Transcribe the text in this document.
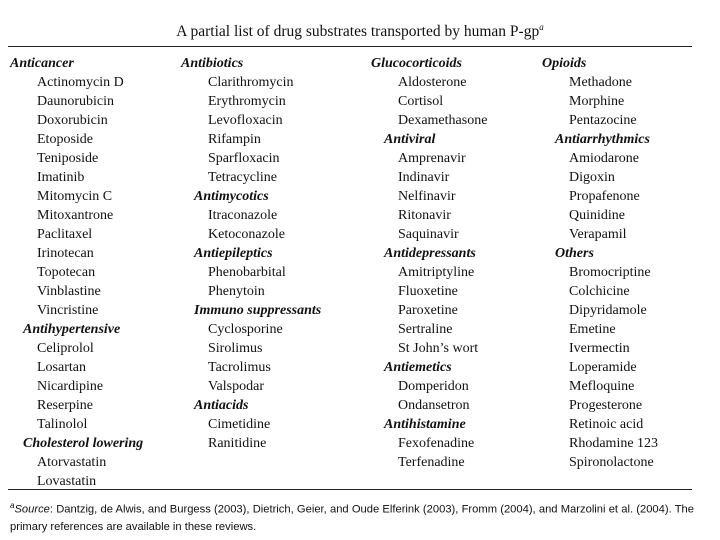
A partial list of drug substrates transported by human $P-gp^a$
Anticancer
Actinomycin D
Daunorubicin
Doxorubicin
Etoposide
Teniposide
Imatinib
Mitomycin C
Mitoxantrone
Paclitaxel
Irinotecan
Topotecan
Vinblastine
Vincristine
Antihypertensive
Celiprolol
Losartan
Nicardipine
Reserpine
Talinolol
Cholesterol lowering
Atorvastatin
Lovastatin
Antibiotics
Clarithromycin
Erythromycin
Levofloxacin
Rifampin
Sparfloxacin
Tetracycline
Antimycotics
Itraconazole
Ketoconazole
Antiepileptics
Phenobarbital
Phenytoin
Immuno suppressants
Cyclosporine
Sirolimus
Tacrolimus
Valspodar
Antiacids
Cimetidine
Ranitidine
Glucocorticoids
Aldosterone
Cortisol
Dexamethasone
Antiviral
Amprenavir
Indinavir
Nelfinavir
Ritonavir
Saquinavir
Antidepressants
Amitriptyline
Fluoxetine
Paroxetine
Sertraline
St John’s wort
Antiemetics
Domperidon
Ondansetron
Antihistamine
Fexofenadine
Terfenadine
Opioids
Methadone
Morphine
Pentazocine
Antiarrhythmics
Amiodarone
Digoxin
Propafenone
Quinidine
Verapamil
Others
Bromocriptine
Colchicine
Dipyridamole
Emetine
Ivermectin
Loperamide
Mefloquine
Progesterone
Retinoic acid
Rhodamine 123
Spironolactone
$^a$Source: Dantzig, de Alwis, and Burgess (2003), Dietrich, Geier, and Oude Elferink (2003), Fromm (2004), and Marzolini et al. (2004). The primary references are available in these reviews.
